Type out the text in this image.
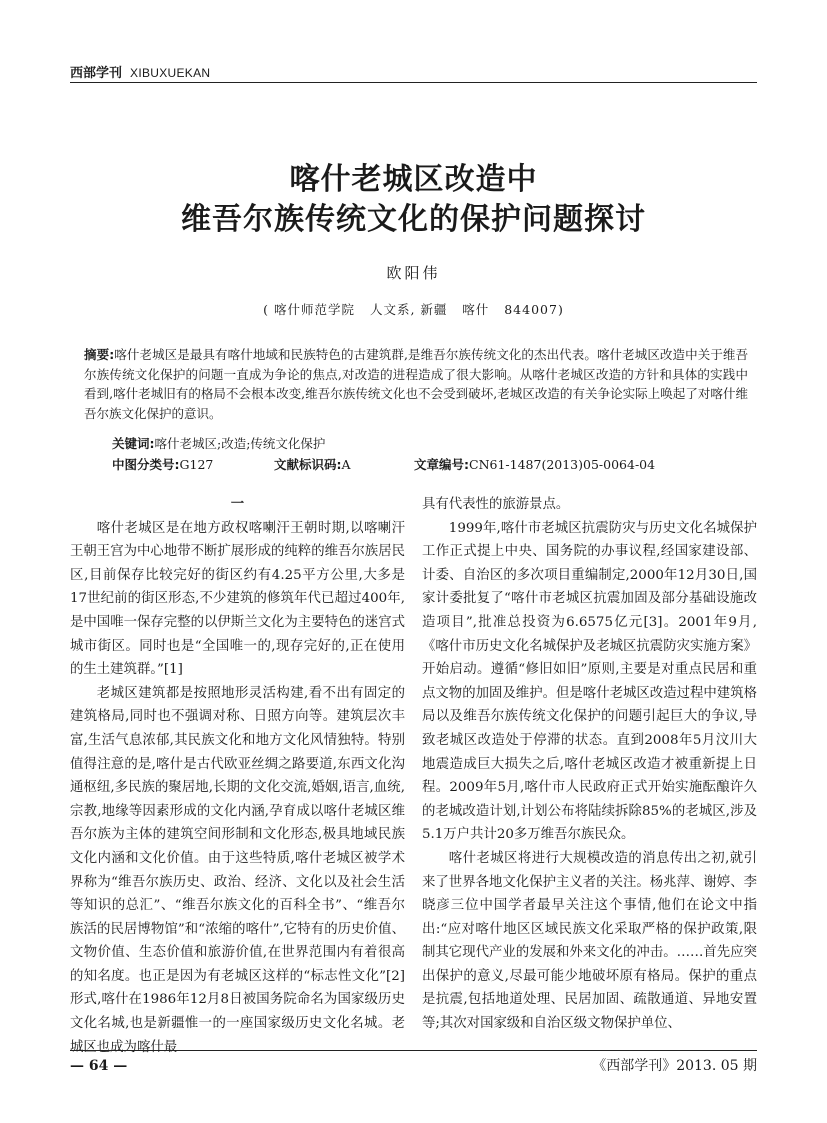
西部学刊 XIBUXUEKAN
喀什老城区改造中
维吾尔族传统文化的保护问题探讨
欧阳伟
( 喀什师范学院   人文系, 新疆   喀什   844007)
摘要:喀什老城区是最具有喀什地域和民族特色的古建筑群,是维吾尔族传统文化的杰出代表。喀什老城区改造中关于维吾尔族传统文化保护的问题一直成为争论的焦点,对改造的进程造成了很大影响。从喀什老城区改造的方针和具体的实践中看到,喀什老城旧有的格局不会根本改变,维吾尔族传统文化也不会受到破坏,老城区改造的有关争论实际上唤起了对喀什维吾尔族文化保护的意识。
关键词:喀什老城区;改造;传统文化保护
中图分类号:G127	文献标识码:A	文章编号:CN61-1487(2013)05-0064-04

一

喀什老城区是在地方政权喀喇汗王朝时期,以喀喇汗王朝王宫为中心地带不断扩展形成的纯粹的维吾尔族居民区,目前保存比较完好的街区约有4.25平方公里,大多是17世纪前的街区形态,不少建筑的修筑年代已超过400年,是中国唯一保存完整的以伊斯兰文化为主要特色的迷宫式城市街区。同时也是“全国唯一的,现存完好的,正在使用的生土建筑群。”[1]

老城区建筑都是按照地形灵活构建,看不出有固定的建筑格局,同时也不强调对称、日照方向等。建筑层次丰富,生活气息浓郁,其民族文化和地方文化风情独特。特别值得注意的是,喀什是古代欧亚丝绸之路要道,东西文化沟通枢纽,多民族的聚居地,长期的文化交流,婚姻,语言,血统,宗教,地缘等因素形成的文化内涵,孕育成以喀什老城区维吾尔族为主体的建筑空间形制和文化形态,极具地域民族文化内涵和文化价值。由于这些特质,喀什老城区被学术界称为“维吾尔族历史、政治、经济、文化以及社会生活等知识的总汇”、“维吾尔族文化的百科全书”、“维吾尔族活的民居博物馆”和“浓缩的喀什”,它特有的历史价值、文物价值、生态价值和旅游价值,在世界范围内有着很高的知名度。也正是因为有老城区这样的“标志性文化”[2]形式,喀什在1986年12月8日被国务院命名为国家级历史文化名城,也是新疆惟一的一座国家级历史文化名城。老城区也成为喀什最

具有代表性的旅游景点。

1999年,喀什市老城区抗震防灾与历史文化名城保护工作正式提上中央、国务院的办事议程,经国家建设部、计委、自治区的多次项目重编制定,2000年12月30日,国家计委批复了“喀什市老城区抗震加固及部分基础设施改造项目”,批准总投资为6.6575亿元[3]。2001年9月,《喀什市历史文化名城保护及老城区抗震防灾实施方案》开始启动。遵循“修旧如旧”原则,主要是对重点民居和重点文物的加固及维护。但是喀什老城区改造过程中建筑格局以及维吾尔族传统文化保护的问题引起巨大的争议,导致老城区改造处于停滞的状态。直到2008年5月汶川大地震造成巨大损失之后,喀什老城区改造才被重新提上日程。2009年5月,喀什市人民政府正式开始实施酝酿许久的老城改造计划,计划公布将陆续拆除85%的老城区,涉及5.1万户共计20多万维吾尔族民众。

喀什老城区将进行大规模改造的消息传出之初,就引来了世界各地文化保护主义者的关注。杨兆萍、谢婷、李晓彦三位中国学者最早关注这个事情,他们在论文中指出:“应对喀什地区区域民族文化采取严格的保护政策,限制其它现代产业的发展和外来文化的冲击。……首先应突出保护的意义,尽最可能少地破坏原有格局。保护的重点是抗震,包括地道处理、民居加固、疏散通道、异地安置等;其次对国家级和自治区级文物保护单位、

— 64 —	《西部学刊》2013. 05 期
